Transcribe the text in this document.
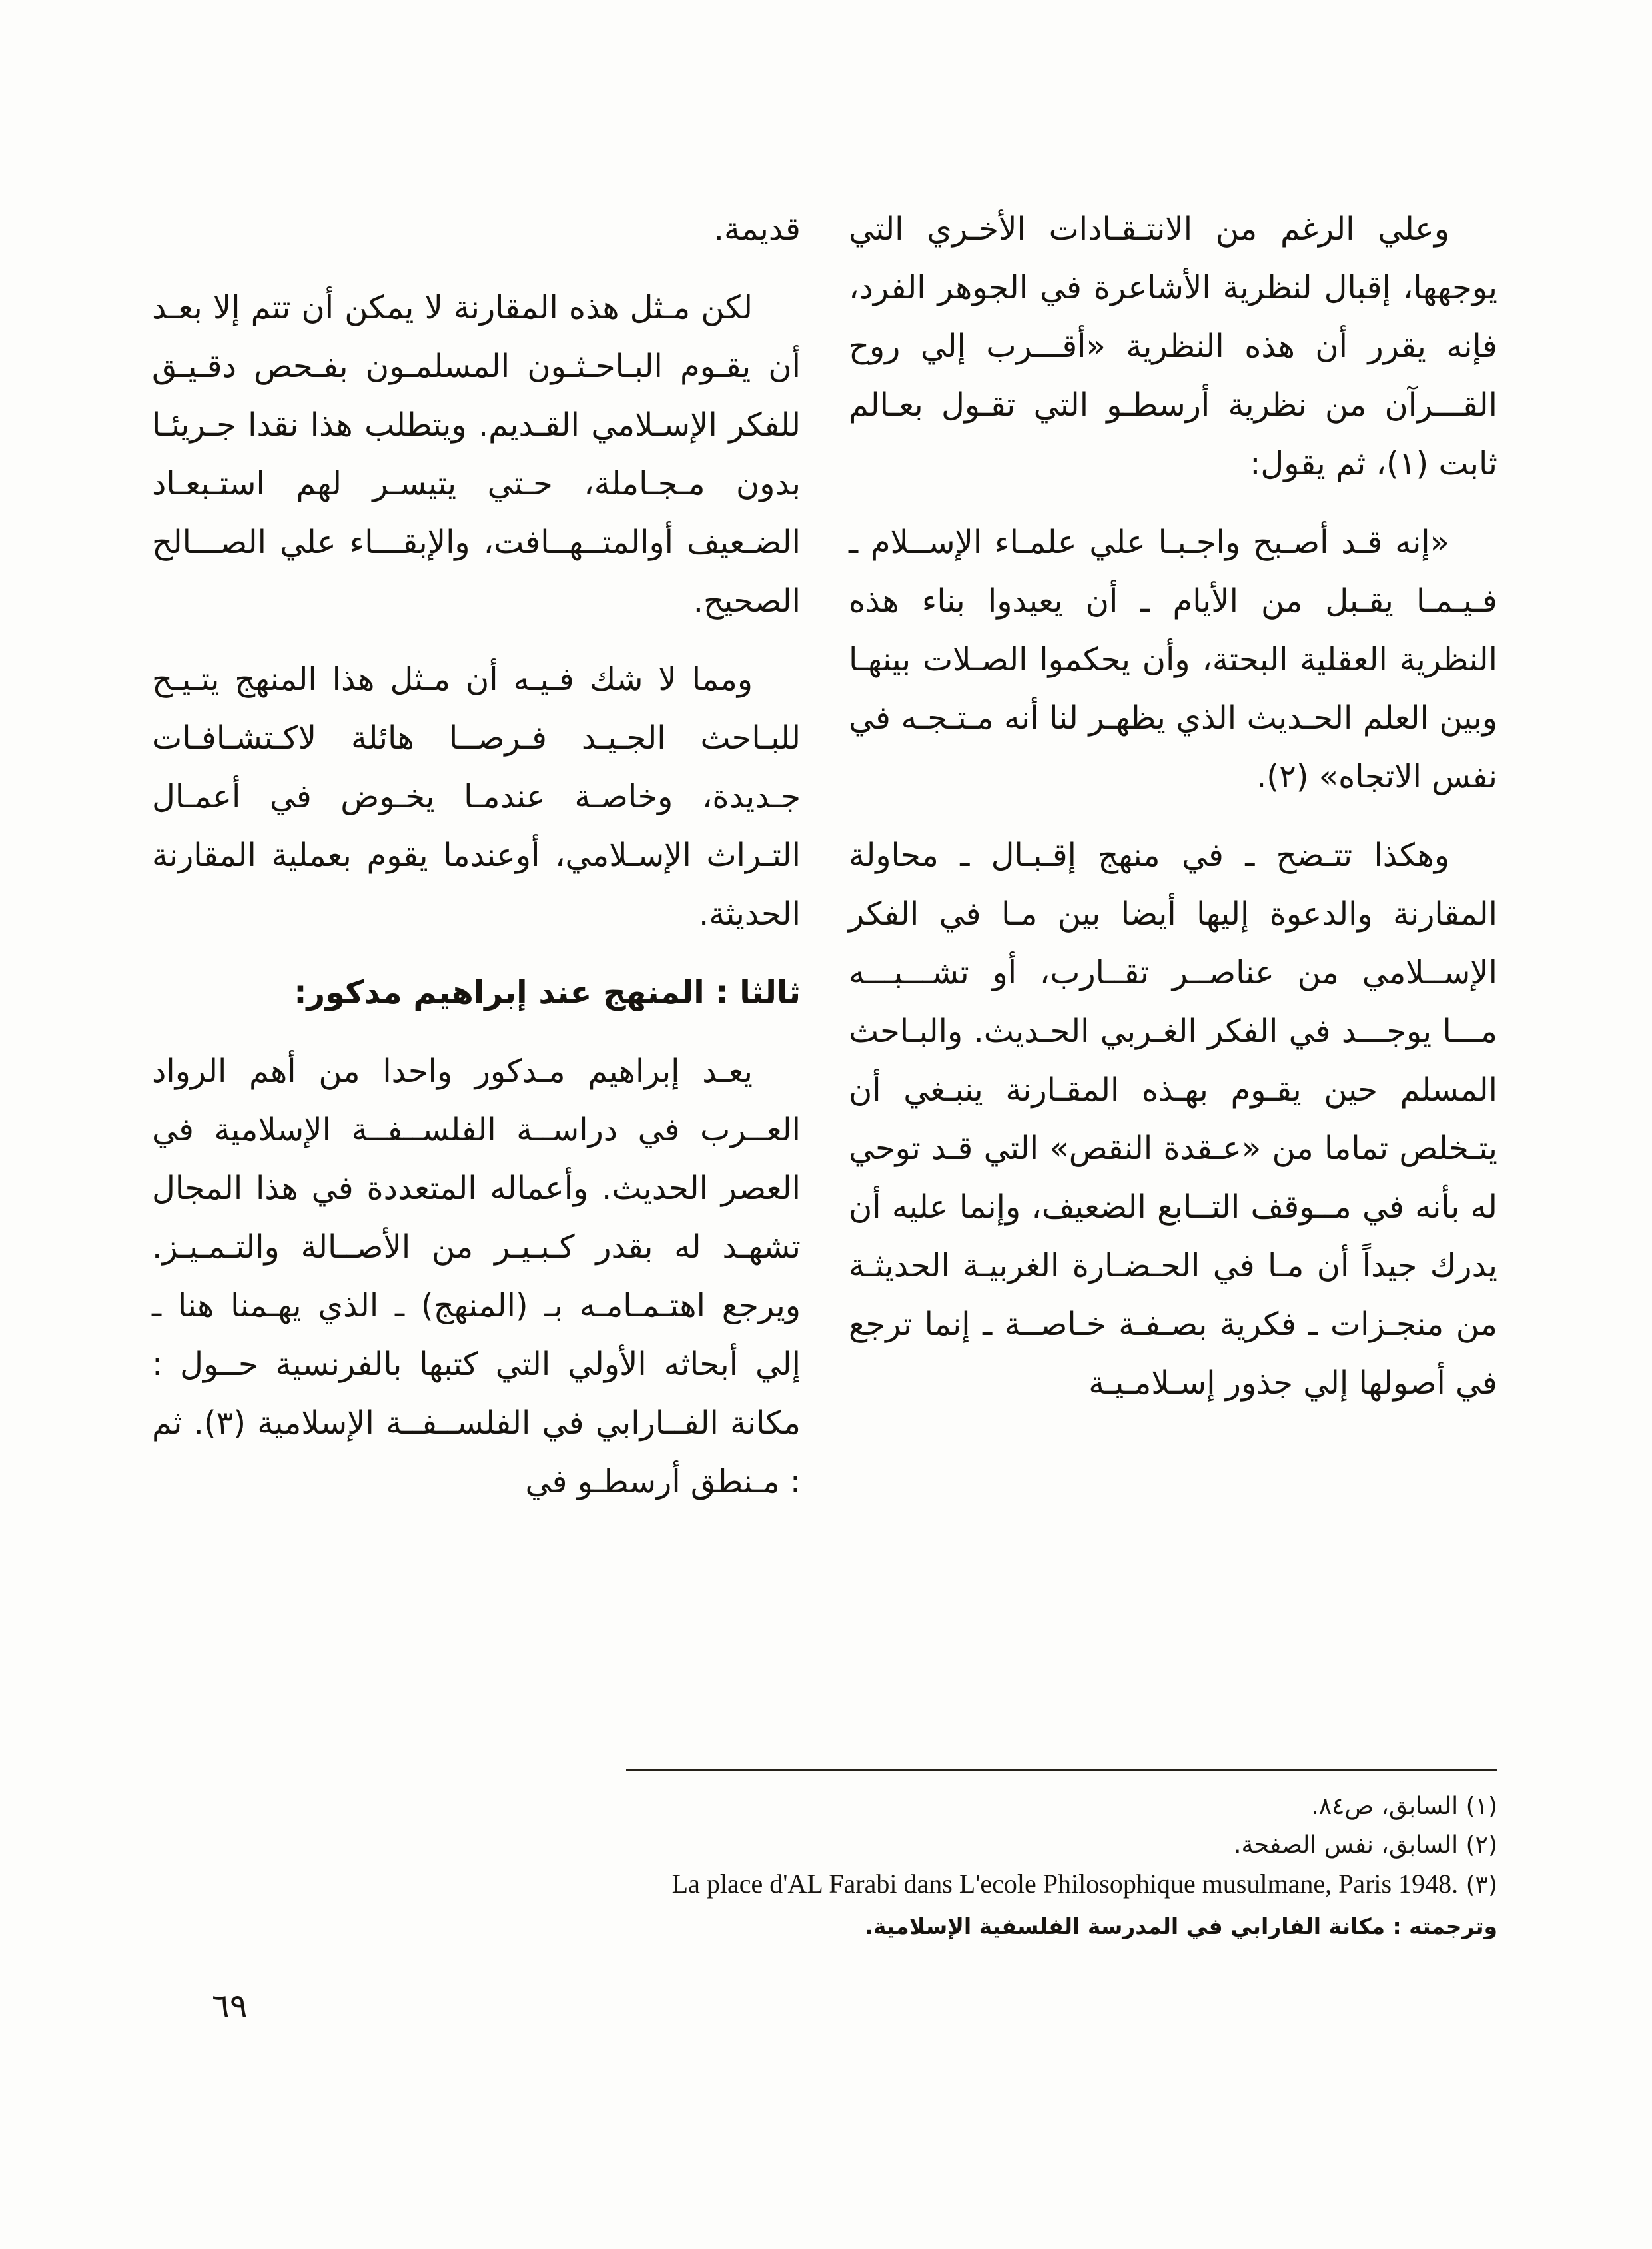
وعلي الرغم من الانتـقـادات الأخـري التي يوجهها، إقبال لنظرية الأشاعرة في الجوهر الفرد، فإنه يقرر أن هذه النظرية «أقـــرب إلي روح القـــرآن من نظرية أرسطـو التي تقـول بعـالم ثابت (١)، ثم يقول:

«إنه قـد أصـبح واجـبـا علي علمـاء الإســلام ـ فـيـمـا يقـبل من الأيام ـ أن يعيدوا بناء هذه النظرية العقلية البحتة، وأن يحكموا الصـلات بينهـا وبين العلم الحـديث الذي يظهـر لنا أنه مـتـجـه في نفس الاتجاه» (٢).

وهكذا تتـضح ـ في منهج إقـبـال ـ محاولة المقارنة والدعوة إليها أيضا بين مـا في الفكر الإســلامي من عناصــر تقــارب، أو تشـــبـــه مـــا يوجـــد في الفكر الغـربي الحـديث. والبـاحث المسلم حين يقـوم بهـذه المقـارنة ينبـغي أن يتـخلص تماما من «عـقدة النقص» التي قـد توحي له بأنه في مــوقف التــابع الضعيف، وإنما عليه أن يدرك جيداً أن مـا في الحـضـارة الغربيـة الحديثـة من منجـزات ـ فكرية بصـفـة خـاصــة ـ إنما ترجع في أصولها إلي جذور إسـلامـيـة

قديمة.

لكن مـثل هذه المقارنة لا يمكن أن تتم إلا بعـد أن يقـوم البـاحـثـون المسلمـون بفـحص دقـيـق للفكر الإسـلامي القـديم. ويتطلب هذا نقدا جـريئـا بدون مـجـاملة، حـتي يتيسـر لهم استـبعـاد الضـعيف أوالمتــهــافت، والإبقـــاء علي الصـــالح الصحيح.

ومما لا شك فـيـه أن مـثل هذا المنهج يتـيـح للبـاحث الجـيـد فـرصــا هائلة لاكـتشـافـات جـديدة، وخاصـة عندمـا يخـوض في أعمـال التـراث الإسـلامي، أوعندما يقوم بعملية المقارنة الحديثة.

ثالثا : المنهج عند إبراهيم مدكور:

يعـد إبراهيم مـدكور واحدا من أهم الرواد العــرب في دراســة الفلســفــة الإسلامية في العصر الحديث. وأعماله المتعددة في هذا المجال تشهـد له بقدر كـبـيـر من الأصــالة والتـمـيـز. ويرجع اهتـمـامـه بـ (المنهج) ـ الذي يهـمنا هنا ـ إلي أبحاثه الأولي التي كتبها بالفرنسية حــول : مكانة الفــارابي في الفلســفــة الإسلامية (٣). ثم : مـنطق أرسطـو في

(١) السابق، ص٨٤.

(٢) السابق، نفس الصفحة.

(٣) La place d'AL Farabi dans L'ecole Philosophique musulmane, Paris 1948.

وترجمته : مكانة الفارابي في المدرسة الفلسفية الإسلامية.

٦٩
